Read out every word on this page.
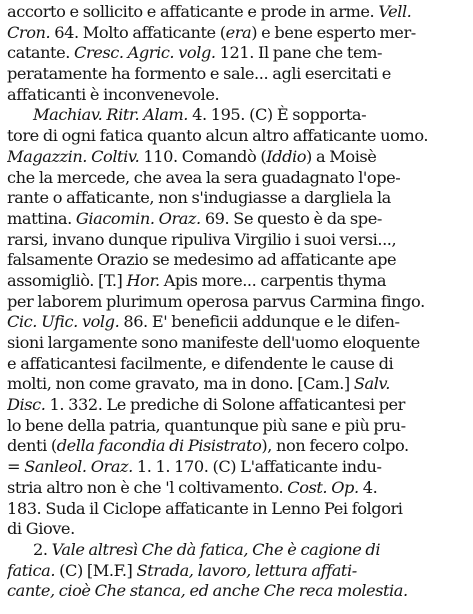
accorto e sollicito e affaticante e prode in arme. Vell.
Cron. 64. Molto affaticante (era) e bene esperto mer-
catante. Cresc. Agric. volg. 121. Il pane che tem-
peratamente ha formento e sale... agli esercitati e
affaticanti è inconvenevole.
Machiav. Ritr. Alam. 4. 195. (C) È sopporta-
tore di ogni fatica quanto alcun altro affaticante uomo.
Magazzin. Coltiv. 110. Comandò (Iddio) a Moisè
che la mercede, che avea la sera guadagnato l'ope-
rante o affaticante, non s'indugiasse a dargliela la
mattina. Giacomin. Oraz. 69. Se questo è da spe-
rarsi, invano dunque ripuliva Virgilio i suoi versi...,
falsamente Orazio se medesimo ad affaticante ape
assomigliò. [T.] Hor. Apis more... carpentis thyma
per laborem plurimum operosa parvus Carmina fingo.
Cic. Ufic. volg. 86. E' beneficii addunque e le difen-
sioni largamente sono manifeste dell'uomo eloquente
e affaticantesi facilmente, e difendente le cause di
molti, non come gravato, ma in dono. [Cam.] Salv.
Disc. 1. 332. Le prediche di Solone affaticantesi per
lo bene della patria, quantunque più sane e più pru-
denti (della facondia di Pisistrato), non fecero colpo.
= Sanleol. Oraz. 1. 1. 170. (C) L'affaticante indu-
stria altro non è che 'l coltivamento. Cost. Op. 4.
183. Suda il Ciclope affaticante in Lenno Pei folgori
di Giove.
2. Vale altresì Che dà fatica, Che è cagione di
fatica. (C) [M.F.] Strada, lavoro, lettura affati-
cante, cioè Che stanca, ed anche Che reca molestia.
